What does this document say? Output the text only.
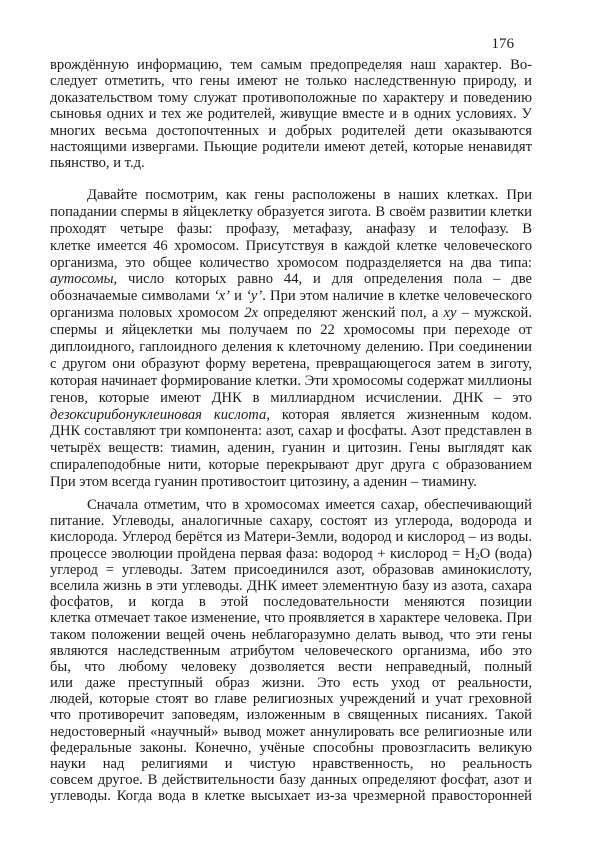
176
врождённую информацию, тем самым предопределяя наш характер. Во-
следует отметить, что гены имеют не только наследственную природу, и
доказательством тому служат противоположные по характеру и поведению
сыновья одних и тех же родителей, живущие вместе и в одних условиях. У
многих весьма достопочтенных и добрых родителей дети оказываются
настоящими извергами. Пьющие родители имеют детей, которые ненавидят
пьянство, и т.д.
Давайте посмотрим, как гены расположены в наших клетках. При
попадании спермы в яйцеклетку образуется зигота. В своём развитии клетки
проходят четыре фазы: профазу, метафазу, анафазу и телофазу. В
клетке имеется 46 хромосом. Присутствуя в каждой клетке человеческого
организма, это общее количество хромосом подразделяется на два типа:
аутосомы, число которых равно 44, и для определения пола – две
обозначаемые символами ‘x’ и ‘y’. При этом наличие в клетке человеческого
организма половых хромосом 2x определяют женский пол, а xy – мужской.
спермы и яйцеклетки мы получаем по 22 хромосомы при переходе от
диплоидного, гаплоидного деления к клеточному делению. При соединении
с другом они образуют форму веретена, превращающегося затем в зиготу,
которая начинает формирование клетки. Эти хромосомы содержат миллионы
генов, которые имеют ДНК в миллиардном исчислении. ДНК – это
дезоксирибонуклеиновая кислота, которая является жизненным кодом.
ДНК составляют три компонента: азот, сахар и фосфаты. Азот представлен в
четырёх веществ: тиамин, аденин, гуанин и цитозин. Гены выглядят как
спиралеподобные нити, которые перекрывают друг друга с образованием
При этом всегда гуанин противостоит цитозину, а аденин – тиамину.
Сначала отметим, что в хромосомах имеется сахар, обеспечивающий
питание. Углеводы, аналогичные сахару, состоят из углерода, водорода и
кислорода. Углерод берётся из Матери-Земли, водород и кислород – из воды.
процессе эволюции пройдена первая фаза: водород + кислород = $H_2O$ (вода)
углерод = углеводы. Затем присоединился азот, образовав аминокислоту,
вселила жизнь в эти углеводы. ДНК имеет элементную базу из азота, сахара
фосфатов, и когда в этой последовательности меняются позиции
клетка отмечает такое изменение, что проявляется в характере человека. При
таком положении вещей очень неблагоразумно делать вывод, что эти гены
являются наследственным атрибутом человеческого организма, ибо это
бы, что любому человеку дозволяется вести неправедный, полный
или даже преступный образ жизни. Это есть уход от реальности,
людей, которые стоят во главе религиозных учреждений и учат греховной
что противоречит заповедям, изложенным в священных писаниях. Такой
недостоверный «научный» вывод может аннулировать все религиозные или
федеральные законы. Конечно, учёные способны провозгласить великую
науки над религиями и чистую нравственность, но реальность
совсем другое. В действительности базу данных определяют фосфат, азот и
углеводы. Когда вода в клетке высыхает из-за чрезмерной правосторонней
